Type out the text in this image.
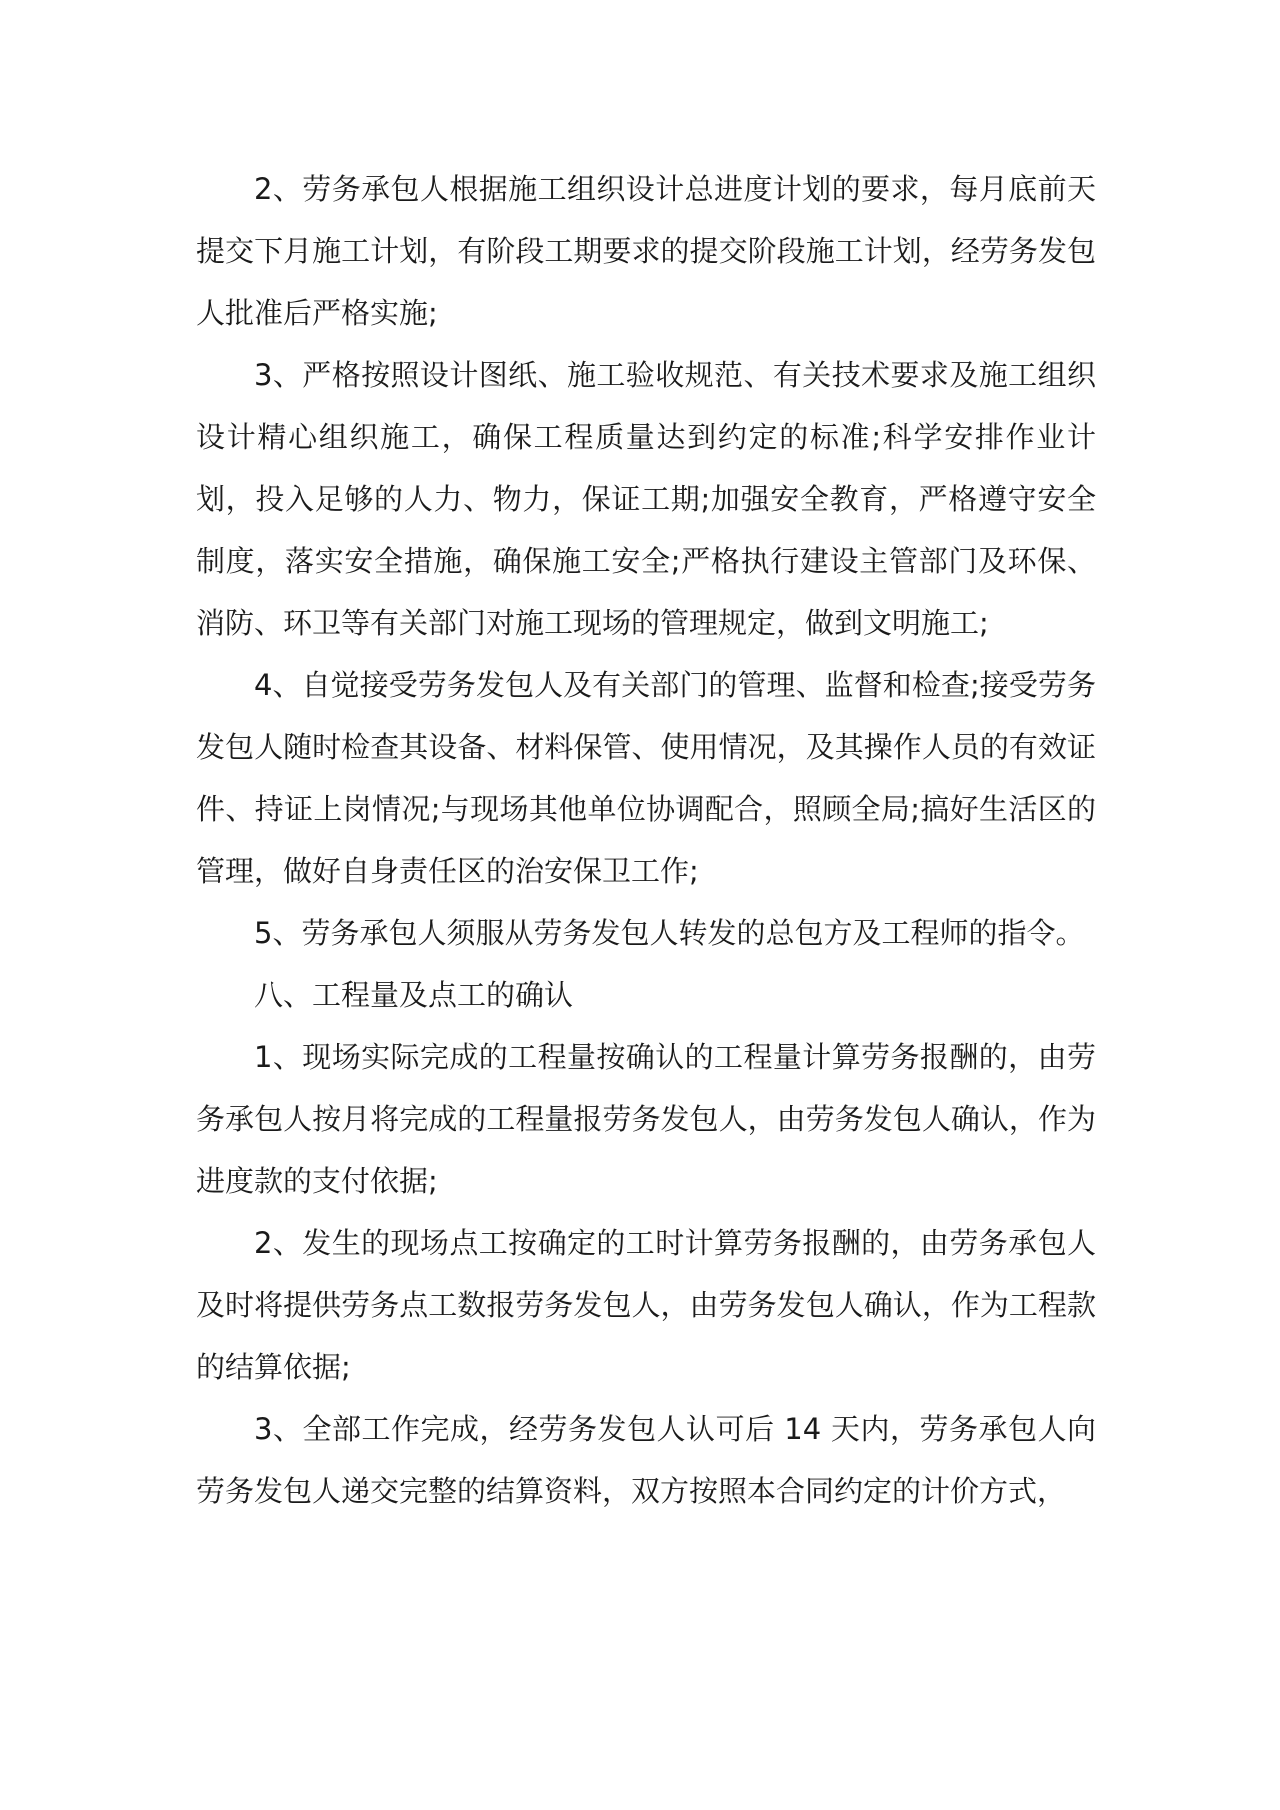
2、劳务承包人根据施工组织设计总进度计划的要求，每月底前天提交下月施工计划，有阶段工期要求的提交阶段施工计划，经劳务发包人批准后严格实施;

3、严格按照设计图纸、施工验收规范、有关技术要求及施工组织设计精心组织施工，确保工程质量达到约定的标准;科学安排作业计划，投入足够的人力、物力，保证工期;加强安全教育，严格遵守安全制度，落实安全措施，确保施工安全;严格执行建设主管部门及环保、消防、环卫等有关部门对施工现场的管理规定，做到文明施工;

4、自觉接受劳务发包人及有关部门的管理、监督和检查;接受劳务发包人随时检查其设备、材料保管、使用情况，及其操作人员的有效证件、持证上岗情况;与现场其他单位协调配合，照顾全局;搞好生活区的管理，做好自身责任区的治安保卫工作;

5、劳务承包人须服从劳务发包人转发的总包方及工程师的指令。

八、工程量及点工的确认

1、现场实际完成的工程量按确认的工程量计算劳务报酬的，由劳务承包人按月将完成的工程量报劳务发包人，由劳务发包人确认，作为进度款的支付依据;

2、发生的现场点工按确定的工时计算劳务报酬的，由劳务承包人及时将提供劳务点工数报劳务发包人，由劳务发包人确认，作为工程款的结算依据;

3、全部工作完成，经劳务发包人认可后 14 天内，劳务承包人向劳务发包人递交完整的结算资料，双方按照本合同约定的计价方式，
